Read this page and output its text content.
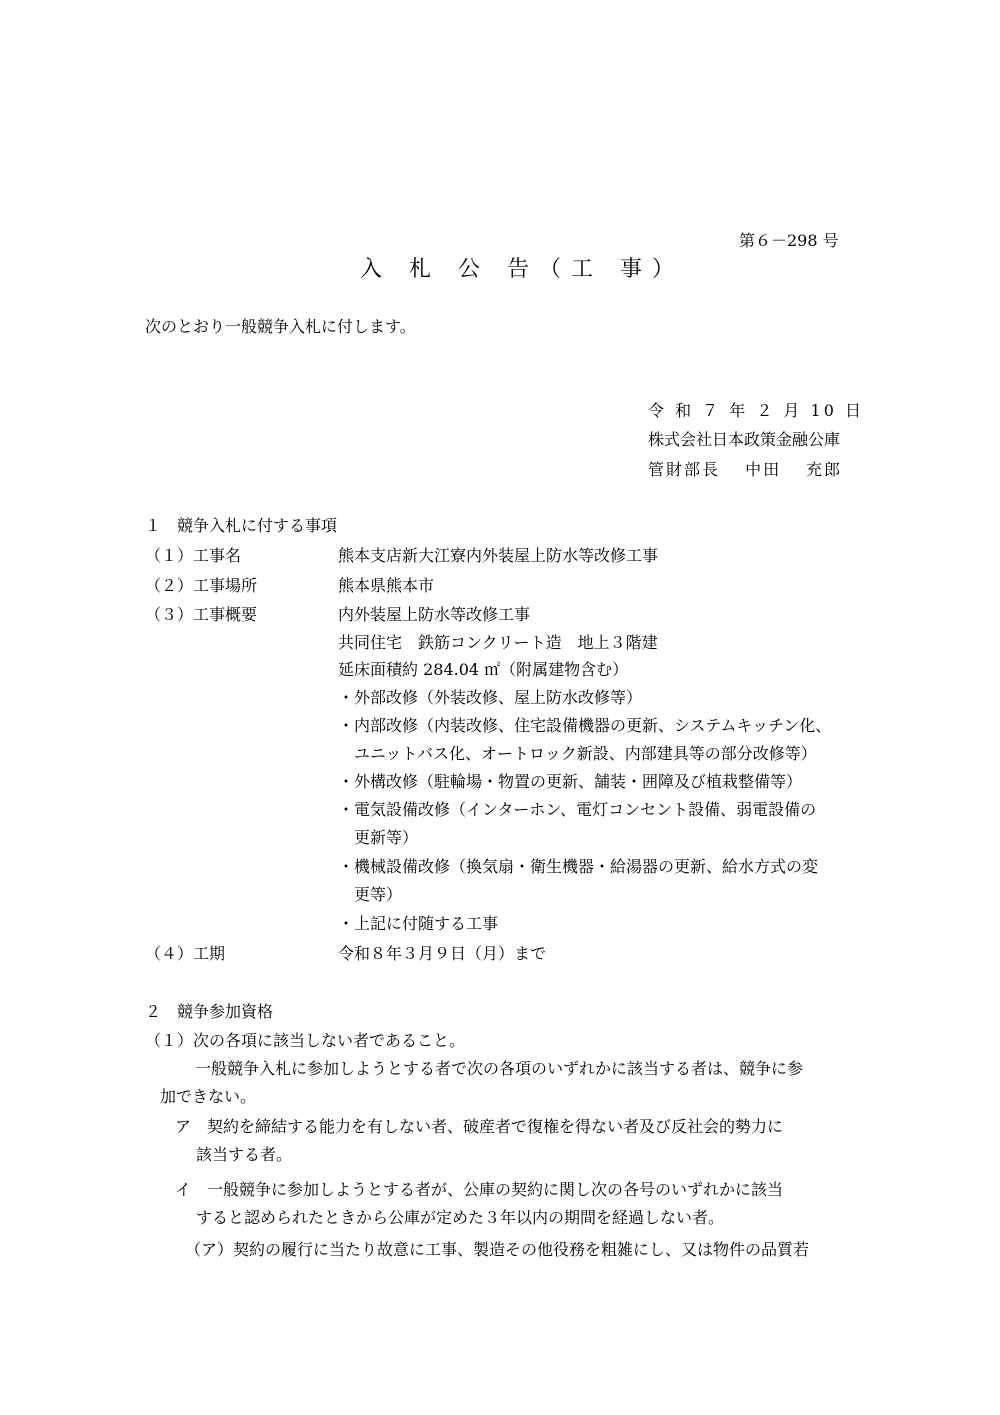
第６－298 号
入 札 公 告（工 事）
次のとおり一般競争入札に付します。
令 和 ７ 年 ２ 月 10 日
株式会社日本政策金融公庫
管財部長　 中田　 充郎
１　競争入札に付する事項
（１）工事名	熊本支店新大江寮内外装屋上防水等改修工事
（２）工事場所	熊本県熊本市
（３）工事概要	内外装屋上防水等改修工事
共同住宅　鉄筋コンクリート造　地上３階建
延床面積約 284.04 ㎡（附属建物含む）
・外部改修（外装改修、屋上防水改修等）
・内部改修（内装改修、住宅設備機器の更新、システムキッチン化、
　ユニットバス化、オートロック新設、内部建具等の部分改修等）
・外構改修（駐輪場・物置の更新、舗装・囲障及び植栽整備等）
・電気設備改修（インターホン、電灯コンセント設備、弱電設備の
　更新等）
・機械設備改修（換気扇・衛生機器・給湯器の更新、給水方式の変
　更等）
・上記に付随する工事
（４）工期	令和８年３月９日（月）まで
２　競争参加資格
（１）次の各項に該当しない者であること。
一般競争入札に参加しようとする者で次の各項のいずれかに該当する者は、競争に参
加できない。
ア　契約を締結する能力を有しない者、破産者で復権を得ない者及び反社会的勢力に
該当する者。
イ　一般競争に参加しようとする者が、公庫の契約に関し次の各号のいずれかに該当
すると認められたときから公庫が定めた３年以内の期間を経過しない者。
（ア）契約の履行に当たり故意に工事、製造その他役務を粗雑にし、又は物件の品質若
